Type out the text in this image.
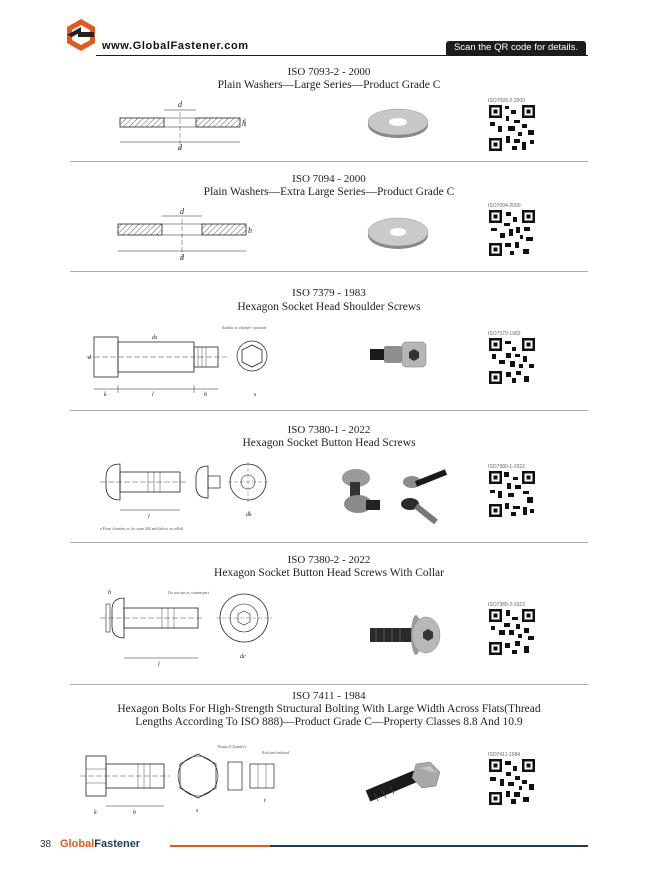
www.GlobalFastener.com	Scan the QR code for details.
ISO 7093-2 - 2000
Plain Washers—Large Series—Product Grade C
d
d
h
ISO7093-2-2000
ISO 7094 - 2000
Plain Washers—Extra Large Series—Product Grade C
d
d
h
ISO7094-2000
ISO 7379 - 1983
Hexagon Socket Head Shoulder Screws
d
ds
k	l	b
Radius or chamfer optional
s
ISO7379-1983
ISO 7380-1 - 2022
Hexagon Socket Button Head Screws
l	dk
a Point chamfer or for sizes M4 and below as rolled
ISO7380-1-2022
ISO 7380-2 - 2022
Hexagon Socket Button Head Screws With Collar
l
dc
h	Do not use as counterpart
ISO7380-2-2022
ISO 7411 - 1984
Hexagon Bolts For High-Strength Structural Bolting With Large Width Across Flats(Thread
Lengths According To ISO 888)—Product Grade C—Property Classes 8.8 And 10.9
k	b	s
t
Points (Chamfer)
Rod end reduced	ISO7411-1984
38 GlobalFastener
